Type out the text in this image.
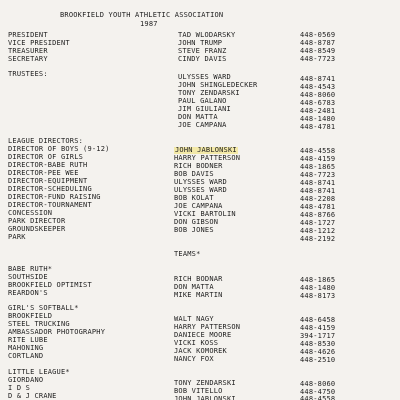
BROOKFIELD YOUTH ATHLETIC ASSOCIATION
1987
PRESIDENT
VICE PRESIDENT
TREASURER
SECRETARY
TAD WLODARSKY
JOHN TRUMP
STEVE FRANZ
CINDY DAVIS
448-0569
448-8787
448-8549
448-7723
TRUSTEES:	ULYSSES WARD
JOHN SHINGLEDECKER
TONY ZENDARSKI
PAUL GALANO
JIM GIULIANI
DON MATTA
JOE CAMPANA
448-8741
448-4543
448-8060
448-6783
448-2481
448-1480
448-4781
LEAGUE DIRECTORS:
DIRECTOR OF BOYS (9-12)
DIRECTOR OF GIRLS
DIRECTOR-BABE RUTH
DIRECTOR-PEE WEE
DIRECTOR-EQUIPMENT
DIRECTOR-SCHEDULING
DIRECTOR-FUND RAISING
DIRECTOR-TOURNAMENT
CONCESSION
PARK DIRECTOR
GROUNDSKEEPER
PARK
JOHN JABLONSKI
HARRY PATTERSON
RICH BODNER
BOB DAVIS
ULYSSES WARD
ULYSSES WARD
BOB KOLAT
JOE CAMPANA
VICKI BARTOLIN
DON GIBSON
BOB JONES
448-4558
448-4159
448-1865
448-7723
448-8741
448-8741
448-2208
448-4781
448-8766
448-1727
448-1212
448-2192
TEAMS*
BABE RUTH*
SOUTHSIDE
BROOKFIELD OPTIMIST
REARDON'S
RICH BODNAR
DON MATTA
MIKE MARTIN
448-1865
448-1480
448-8173
GIRL'S SOFTBALL*
BROOKFIELD
STEEL TRUCKING
AMBASSADOR PHOTOGRAPHY
RITE LUBE
MAHONING
CORTLAND
WALT NAGY
HARRY PATTERSON
DANIECE MOORE
VICKI KOSS
JACK KOMOREK
NANCY FOX
448-6458
448-4159
394-1717
448-8530
448-4626
448-2510
LITTLE LEAGUE*
GIORDANO
I D S
D & J CRANE
TONY ZENDARSKI
BOB VITELLO
JOHN JABLONSKI
448-8060
448-4750
448-4558
